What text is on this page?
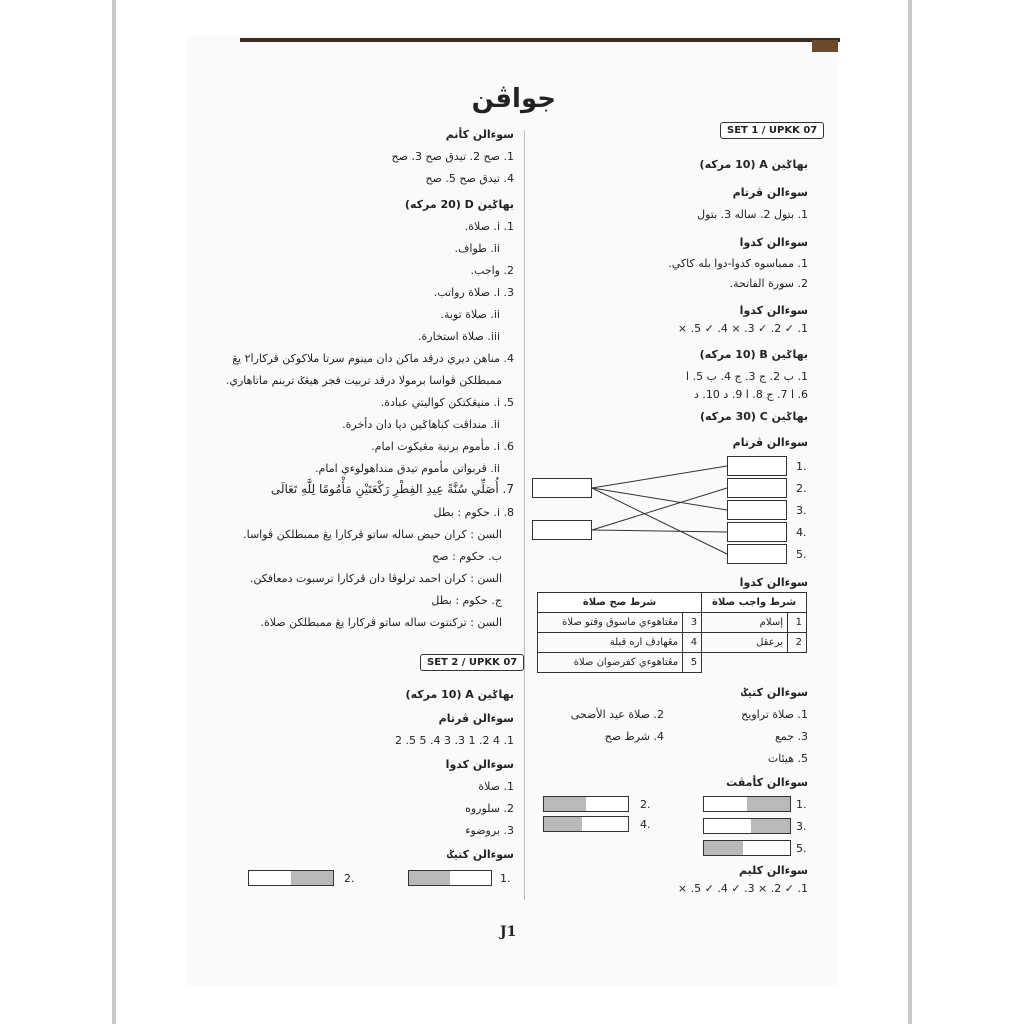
جواڤن
SET 1 / UPKK 07
بهاݢين A (10 مرکه)
سوءالن ڤرتام
1. بتول 2. ساله 3. بتول
سوءالن کدوا
1. ممباسوه کدوا-دوا بله کاکي.
2. سورة الفاتحة.
سوءالن کدوا
1. ✓ 2. ✓ 3. × 4. ✓ 5. ×
بهاݢين B (10 مرکه)
1. ب 2. ج 3. ج 4. ب 5. ا
6. ا 7. ج 8. ا 9. د 10. د
بهاݢين C (30 مرکه)
سوءالن ڤرتام
1.
2.
3.
4.
5.
سوءالن کدوا
شرط واجب صلاة		شرط صح صلاة	
1	إسلام	3	مڠتاهوءي ماسوق وقتو صلاة
2	برعقل	4	مڠهادڤ اره قبلة
		5	مڠتاهوءي کفرضوان صلاة
سوءالن کتيݢ
1. صلاة تراويح
2. صلاة عيد الأضحى
3. جمع
4. شرط صح
5. هيئات
سوءالن کأمڤت
1.
2.
3.
4.
5.
سوءالن کليم
1. ✓ 2. × 3. ✓ 4. ✓ 5. ×
سوءالن کأنم
1. صح 2. تيدق صح 3. صح
4. تيدق صح 5. صح
بهاݢين D (20 مرکه)
1. i. صلاة.
ii. طواف.
2. واجب.
3. i. صلاة رواتب.
ii. صلاة توبة.
iii. صلاة استخارة.
4. مناهن ديري درڤد ماکن دان مينوم سرتا ملاکوکن ڤرکارا٢ يڠ
ممبطلکن ڤواسا برمولا درڤد تربيت فجر هيڠݢ تربنم ماتاهاري.
5. i. منيڠکتکن کواليتي عبادة.
ii. منداڤت کباهاݢين دڽا دان دأخرة.
6. i. مأموم برنية مڠيکوت امام.
ii. ڤربواتن مأموم تيدق منداهولوءي امام.
7. أُصَلِّي سُنَّةً عِيدِ الفِطْرِ رَكْعَتَيْنِ مَأْمُومًا لِلَّهِ تَعَالَى
8. i. حکوم : بطل
السن : کران حيض ساله ساتو ڤرکارا يڠ ممبطلکن ڤواسا.
ب. حکوم : صح
السن : کران احمد ترلوڤا دان ڤرکارا ترسبوت دمعافکن.
ج. حکوم : بطل
السن : ترکنتوت ساله ساتو ڤرکارا يڠ ممبطلکن صلاة.
SET 2 / UPKK 07
بهاݢين A (10 مرکه)
سوءالن ڤرتام
1. 4 2. 1 3. 3 4. 5 5. 2
سوءالن کدوا
1. صلاة
2. سلوروه
3. بروضوء
سوءالن کتيݢ
1.
2.
J1
